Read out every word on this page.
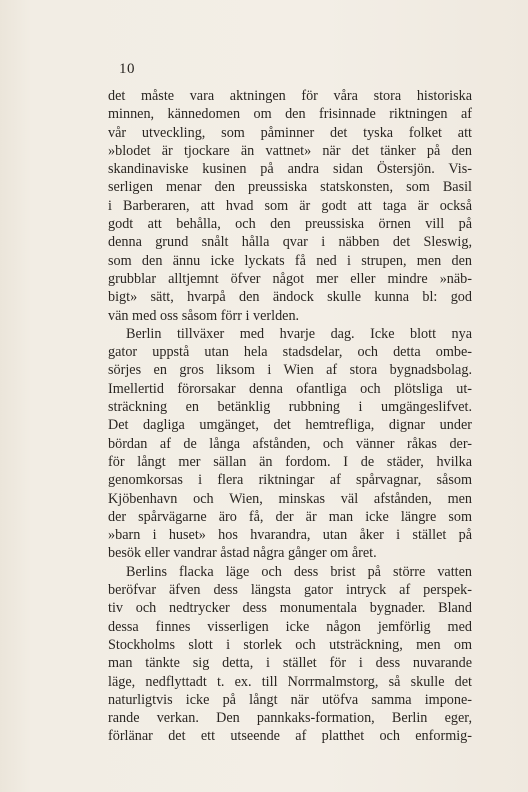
10
det måste vara aktningen för våra stora historiska
minnen, kännedomen om den frisinnade riktningen af
vår utveckling, som påminner det tyska folket att
»blodet är tjockare än vattnet» när det tänker på den
skandinaviske kusinen på andra sidan Östersjön. Vis-
serligen menar den preussiska statskonsten, som Basil
i Barberaren, att hvad som är godt att taga är också
godt att behålla, och den preussiska örnen vill på
denna grund snålt hålla qvar i näbben det Sleswig,
som den ännu icke lyckats få ned i strupen, men den
grubblar alltjemnt öfver något mer eller mindre »näb-
bigt» sätt, hvarpå den ändock skulle kunna bl: god
vän med oss såsom förr i verlden.
Berlin tillväxer med hvarje dag. Icke blott nya
gator uppstå utan hela stadsdelar, och detta ombe-
sörjes en gros liksom i Wien af stora bygnadsbolag.
Imellertid förorsakar denna ofantliga och plötsliga ut-
sträckning en betänklig rubbning i umgängeslifvet.
Det dagliga umgänget, det hemtrefliga, dignar under
bördan af de långa afstånden, och vänner råkas der-
för långt mer sällan än fordom. I de städer, hvilka
genomkorsas i flera riktningar af spårvagnar, såsom
Kjöbenhavn och Wien, minskas väl afstånden, men
der spårvägarne äro få, der är man icke längre som
»barn i huset» hos hvarandra, utan åker i stället på
besök eller vandrar åstad några gånger om året.
Berlins flacka läge och dess brist på större vatten
beröfvar äfven dess längsta gator intryck af perspek-
tiv och nedtrycker dess monumentala bygnader. Bland
dessa finnes visserligen icke någon jemförlig med
Stockholms slott i storlek och utsträckning, men om
man tänkte sig detta, i stället för i dess nuvarande
läge, nedflyttadt t. ex. till Norrmalmstorg, så skulle det
naturligtvis icke på långt när utöfva samma impone-
rande verkan. Den pannkaks-formation, Berlin eger,
förlänar det ett utseende af platthet och enformig-
